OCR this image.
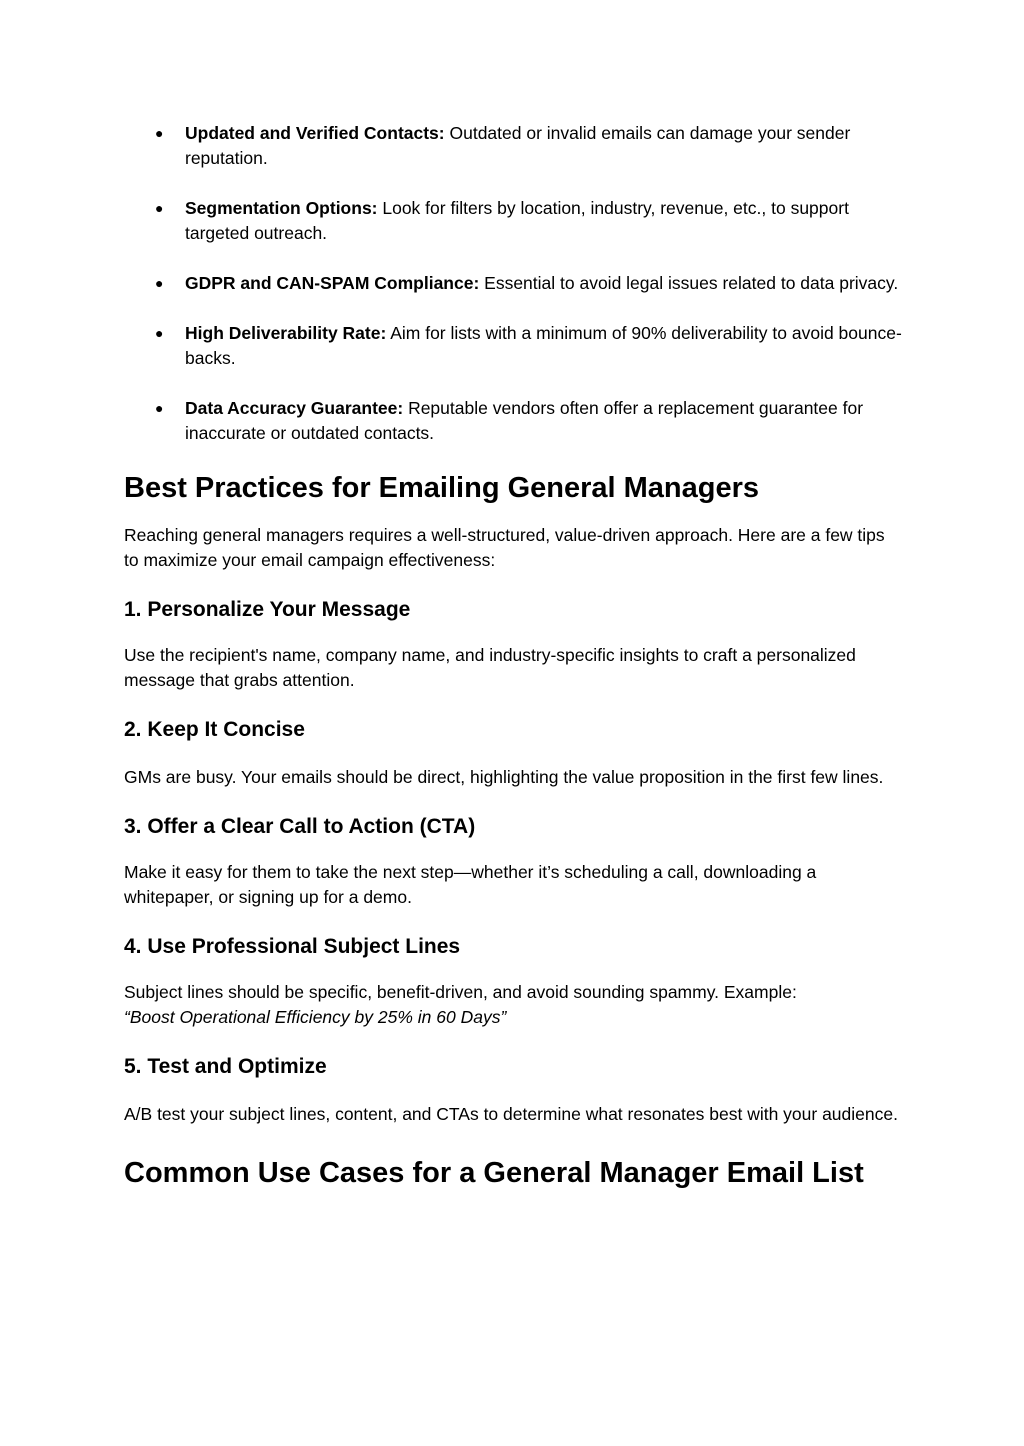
● Updated and Verified Contacts: Outdated or invalid emails can damage your sender reputation.
● Segmentation Options: Look for filters by location, industry, revenue, etc., to support targeted outreach.
● GDPR and CAN-SPAM Compliance: Essential to avoid legal issues related to data privacy.
● High Deliverability Rate: Aim for lists with a minimum of 90% deliverability to avoid bounce-backs.
● Data Accuracy Guarantee: Reputable vendors often offer a replacement guarantee for inaccurate or outdated contacts.
Best Practices for Emailing General Managers

Reaching general managers requires a well-structured, value-driven approach. Here are a few tips to maximize your email campaign effectiveness:

1. Personalize Your Message

Use the recipient's name, company name, and industry-specific insights to craft a personalized message that grabs attention.

2. Keep It Concise

GMs are busy. Your emails should be direct, highlighting the value proposition in the first few lines.

3. Offer a Clear Call to Action (CTA)

Make it easy for them to take the next step—whether it’s scheduling a call, downloading a whitepaper, or signing up for a demo.

4. Use Professional Subject Lines

Subject lines should be specific, benefit-driven, and avoid sounding spammy. Example:
“Boost Operational Efficiency by 25% in 60 Days”

5. Test and Optimize

A/B test your subject lines, content, and CTAs to determine what resonates best with your audience.

Common Use Cases for a General Manager Email List
